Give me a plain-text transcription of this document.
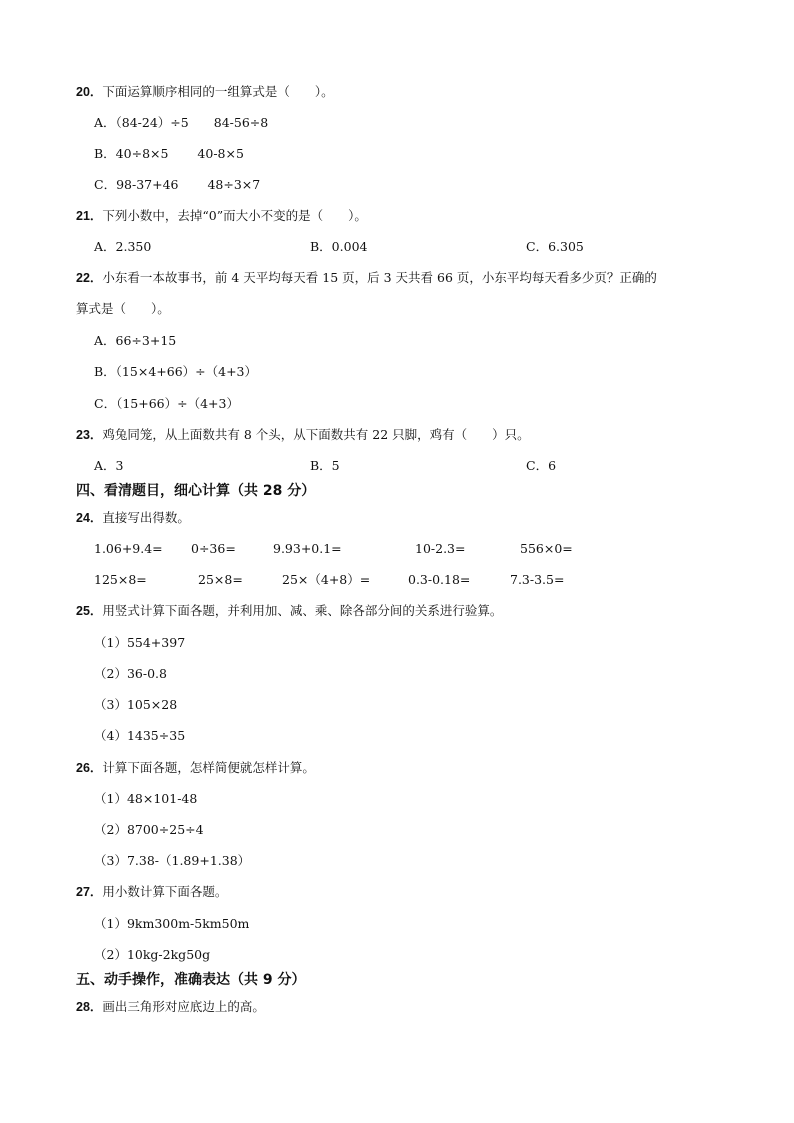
20．下面运算顺序相同的一组算式是（　　）。
A．（84-24）÷5　　84-56÷8
B．40÷8×5　　 40-8×5
C．98-37+46　　 48÷3×7
21．下列小数中，去掉“0”而大小不变的是（　　）。
A．2.350	B．0.004	C．6.305
22．小东看一本故事书，前 4 天平均每天看 15 页，后 3 天共看 66 页，小东平均每天看多少页？正确的
算式是（　　）。
A．66÷3+15
B．（15×4+66）÷（4+3）
C．（15+66）÷（4+3）
23．鸡兔同笼，从上面数共有 8 个头，从下面数共有 22 只脚，鸡有（　　）只。
A．3	B．5	C．6
四、看清题目，细心计算（共 28 分）
24．直接写出得数。
1.06+9.4= 0÷36=	9.93+0.1=	10-2.3=	556×0=
125×8=	25×8=	25×（4+8）=	0.3-0.18=	7.3-3.5=
25．用竖式计算下面各题，并利用加、减、乘、除各部分间的关系进行验算。
（1）554+397
（2）36-0.8
（3）105×28
（4）1435÷35
26．计算下面各题，怎样简便就怎样计算。
（1）48×101-48
（2）8700÷25÷4
（3）7.38-（1.89+1.38）
27．用小数计算下面各题。
（1）9km300m-5km50m
（2）10kg-2kg50g
五、动手操作，准确表达（共 9 分）
28．画出三角形对应底边上的高。
